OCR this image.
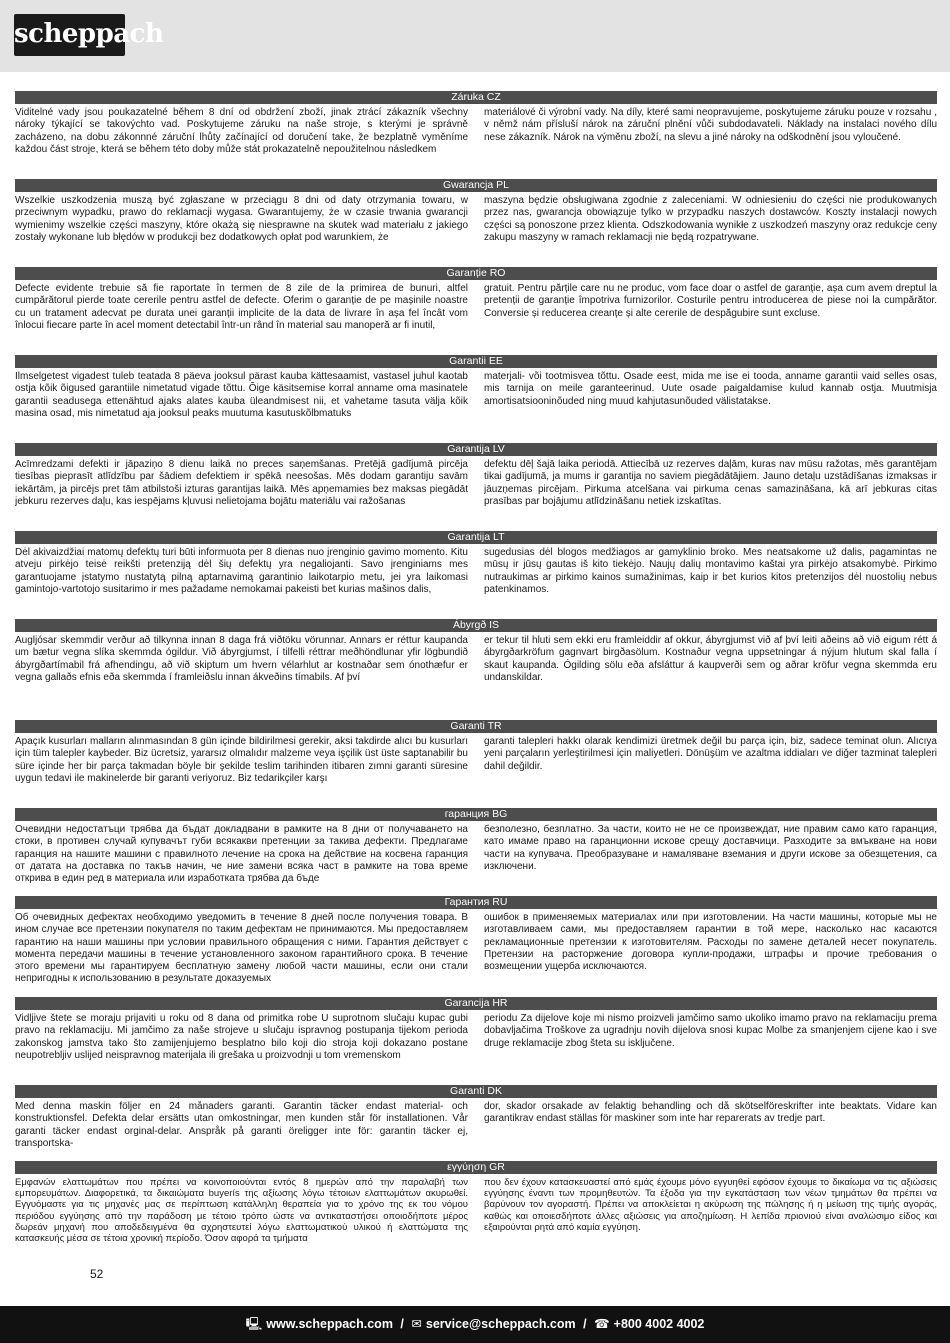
scheppach
Záruka CZ
Viditelné vady jsou poukazatelné během 8 dní od obdržení zboží, jinak ztrácí zákazník všechny nároky týkající se takovýchto vad. Poskytujeme záruku na naše stroje, s kterými je správně zacházeno, na dobu zákonnné záruční lhůty začínající od doručení take, že bezplatně vyměníme každou část stroje, která se během této doby může stát prokazatelně nepoužitelnou následkem
materiálové či výrobní vady. Na díly, které sami neopravujeme, poskytujeme záruku pouze v rozsahu , v němž nám přísluší nárok na záruční plnění vůči subdodavateli. Náklady na instalaci nového dílu nese zákazník. Nárok na výměnu zboží, na slevu a jiné nároky na odškodnění jsou vyloučené.
Gwarancja PL
Wszelkie uszkodzenia muszą być zgłaszane w przeciągu 8 dni od daty otrzymania towaru, w przeciwnym wypadku, prawo do reklamacji wygasa. Gwarantujemy, że w czasie trwania gwarancji wymienimy wszelkie części maszyny, które okażą się niesprawne na skutek wad materiału z jakiego zostały wykonane lub błędów w produkcji bez dodatkowych opłat pod warunkiem, że
maszyna będzie obsługiwana zgodnie z zaleceniami. W odniesieniu do części nie produkowanych przez nas, gwarancja obowiązuje tylko w przypadku naszych dostawców. Koszty instalacji nowych części są ponoszone przez klienta. Odszkodowania wynikłe z uszkodzeń maszyny oraz redukcje ceny zakupu maszyny w ramach reklamacji nie będą rozpatrywane.
Garanție RO
Defecte evidente trebuie să fie raportate în termen de 8 zile de la primirea de bunuri, altfel cumpărătorul pierde toate cererile pentru astfel de defecte. Oferim o garanție de pe mașinile noastre cu un tratament adecvat pe durata unei garanții implicite de la data de livrare în așa fel încât vom înlocui fiecare parte în acel moment detectabil într-un rând în material sau manoperă ar fi inutil,
gratuit. Pentru părțile care nu ne produc, vom face doar o astfel de garanție, așa cum avem dreptul la pretenții de garanție împotriva furnizorilor. Costurile pentru introducerea de piese noi la cumpărător. Conversie și reducerea creanțe și alte cererile de despăgubire sunt excluse.
Garantii EE
Ilmselgetest vigadest tuleb teatada 8 päeva jooksul pärast kauba kättesaamist, vastasel juhul kaotab ostja kõik õigused garantiile nimetatud vigade tõttu. Õige käsitsemise korral anname oma masinatele garantii seadusega ettenähtud ajaks alates kauba üleandmisest nii, et vahetame tasuta välja kõik masina osad, mis nimetatud aja jooksul peaks muutuma kasutuskõlbmatuks
materjali- või tootmisvea tõttu. Osade eest, mida me ise ei tooda, anname garantii vaid selles osas, mis tarnija on meile garanteerinud. Uute osade paigaldamise kulud kannab ostja. Muutmisja amortisatsiooninõuded ning muud kahjutasunõuded välistatakse.
Garantija LV
Acīmredzami defekti ir jāpaziņo 8 dienu laikā no preces saņemšanas. Pretējā gadījumā pircēja tiesības pieprasīt atlīdzību par šādiem defektiem ir spēkā neesošas. Mēs dodam garantiju savām iekārtām, ja pircējs pret tām atbilstoši izturas garantijas laikā. Mēs apņemamies bez maksas piegādāt jebkuru rezerves daļu, kas iespējams kļuvusi nelietojama bojātu materiālu vai ražošanas
defektu dēļ šajā laika periodā. Attiecībā uz rezerves daļām, kuras nav mūsu ražotas, mēs garantējam tikai gadījumā, ja mums ir garantija no saviem piegādātājiem. Jauno detaļu uzstādīšanas izmaksas ir jāuzņemas pircējam. Pirkuma atcelšana vai pirkuma cenas samazināšana, kā arī jebkuras citas prasības par bojājumu atlīdzināšanu netiek izskatītas.
Garantija LT
Dėl akivaizdžiai matomų defektų turi būti informuota per 8 dienas nuo įrenginio gavimo momento. Kitu atveju pirkėjo teisė reikšti pretenziją dėl šių defektų yra negaliojanti. Savo įrenginiams mes garantuojame įstatymo nustatytą pilną aptarnavimą garantinio laikotarpio metu, jei yra laikomasi gamintojo-vartotojo susitarimo ir mes pažadame nemokamai pakeisti bet kurias mašinos dalis,
sugedusias dėl blogos medžiagos ar gamyklinio broko. Mes neatsakome už dalis, pagamintas ne mūsų ir jūsų gautas iš kito tiekėjo. Naujų dalių montavimo kaštai yra pirkėjo atsakomybė. Pirkimo nutraukimas ar pirkimo kainos sumažinimas, kaip ir bet kurios kitos pretenzijos dėl nuostolių nebus patenkinamos.
Ábyrgð IS
Augljósar skemmdir verður að tilkynna innan 8 daga frá viðtöku vörunnar. Annars er réttur kaupanda um bætur vegna slíka skemmda ógildur. Við ábyrgjumst, í tilfelli réttrar meðhöndlunar yfir lögbundið ábyrgðartímabil frá afhendingu, að við skiptum um hvern vélarhlut ar kostnaðar sem ónothæfur er vegna gallaðs efnis eða skemmda í framleiðslu innan ákveðins tímabils. Af því
er tekur til hluti sem ekki eru framleiddir af okkur, ábyrgjumst við af því leiti aðeins að við eigum rétt á ábyrgðarkröfum gagnvart birgðasölum. Kostnaður vegna uppsetningar á nýjum hlutum skal falla í skaut kaupanda. Ógilding sölu eða afsláttur á kaupverði sem og aðrar kröfur vegna skemmda eru undanskildar.
Garanti TR
Apaçık kusurları malların alınmasından 8 gün içinde bildirilmesi gerekir, aksi takdirde alıcı bu kusurları için tüm talepler kaybeder. Biz ücretsiz, yararsız olmalıdır malzeme veya işçilik üst üste saptanabilir bu süre içinde her bir parça takmadan böyle bir şekilde teslim tarihinden itibaren zımni garanti süresine uygun tedavi ile makinelerde bir garanti veriyoruz. Biz tedarikçiler karşı
garanti talepleri hakkı olarak kendimizi üretmek değil bu parça için, biz, sadece teminat olun. Alıcıya yeni parçaların yerleştirilmesi için maliyetleri. Dönüşüm ve azaltma iddiaları ve diğer tazminat talepleri dahil değildir.
гаранция BG
Очевидни недостатъци трябва да бъдат докладвани в рамките на 8 дни от получаването на стоки, в противен случай купувачът губи всякакви претенции за такива дефекти. Предлагаме гаранция на нашите машини с правилното лечение на срока на действие на косвена гаранция от датата на доставка по такъв начин, че ние замени всяка част в рамките на това време открива в един ред в материала или изработката трябва да бъде
безполезно, безплатно. За части, които не не се произвеждат, ние правим само като гаранция, като имаме право на гаранционни искове срещу доставчици. Разходите за вмъкване на нови части на купувача. Преобразуване и намаляване вземания и други искове за обезщетения, са изключени.
Гарантия RU
Об очевидных дефектах необходимо уведомить в течение 8 дней после получения товара. В ином случае все претензии покупателя по таким дефектам не принимаются. Мы предоставляем гарантию на наши машины при условии правильного обращения с ними. Гарантия действует с момента передачи машины в течение установленного законом гарантийного срока. В течение этого времени мы гарантируем бесплатную замену любой части машины, если они стали непригодны к использованию в результате доказуемых
ошибок в применяемых материалах или при изготовлении. На части машины, которые мы не изготавливаем сами, мы предоставляем гарантии в той мере, насколько нас касаются рекламационные претензии к изготовителям. Расходы по замене деталей несет покупатель. Претензии на расторжение договора купли-продажи, штрафы и прочие требования о возмещении ущерба исключаются.
Garancija HR
Vidljive štete se moraju prijaviti u roku od 8 dana od primitka robe U suprotnom slučaju kupac gubi pravo na reklamaciju. Mi jamčimo za naše strojeve u slučaju ispravnog postupanja tijekom perioda zakonskog jamstva tako što zamijenjujemo besplatno bilo koji dio stroja koji dokazano postane neupotrebljiv uslijed neispravnog materijala ili grešaka u proizvodnji u tom vremenskom
periodu Za dijelove koje mi nismo proizveli jamčimo samo ukoliko imamo pravo na reklamaciju prema dobavljačima Troškove za ugradnju novih dijelova snosi kupac Molbe za smanjenjem cijene kao i sve druge reklamacije zbog šteta su isključene.
Garanti DK
Med denna maskin följer en 24 månaders garanti. Garantin täcker endast material- och konstruktionsfel. Defekta delar ersätts utan omkostningar, men kunden står för installationen. Vår garanti täcker endast orginal-delar. Anspråk på garanti öreligger inte för: garantin täcker ej, transportska-
dor, skador orsakade av felaktig behandling och då skötselföreskrifter inte beaktats. Vidare kan garantikrav endast ställas för maskiner som inte har reparerats av tredje part.
εγγύηση GR
Εμφανών ελαττωμάτων που πρέπει να κοινοποιούνται εντός 8 ημερών από την παραλαβή των εμπορευμάτων. Διαφορετικά, τα δικαιώματα buyerís της αξίωσης λόγω τέτοιων ελαττωμάτων ακυρωθεί. Εγγυόμαστε για τις μηχανές μας σε περίπτωση κατάλληλη θεραπεία για το χρόνο της εκ του νόμου περιόδου εγγύησης από την παράδοση με τέτοιο τρόπο ώστε να αντικαταστήσει οποιοδήποτε μέρος δωρεάν μηχανή που αποδεδειγμένα θα αχρηστευτεί λόγω ελαττωματικού υλικού ή ελαττώματα της κατασκευής μέσα σε τέτοια χρονική περίοδο. Όσον αφορά τα τμήματα
που δεν έχουν κατασκευαστεί από εμάς έχουμε μόνο εγγυηθεί εφόσον έχουμε το δικαίωμα να τις αξιώσεις εγγύησης έναντι των προμηθευτών. Τα έξοδα για την εγκατάσταση των νέων τμημάτων θα πρέπει να βαρύνουν τον αγοραστή. Πρέπει να αποκλείεται η ακύρωση της πώλησης ή η μείωση της τιμής αγοράς, καθώς και οποιεσδήποτε άλλες αξιώσεις για αποζημίωση. Η λεπίδα πριονιού είναι αναλώσιμο είδος και εξαιρούνται ρητά από καμία εγγύηση.
52
🖳 www.scheppach.com / ✉ service@scheppach.com / ☎ +800 4002 4002
